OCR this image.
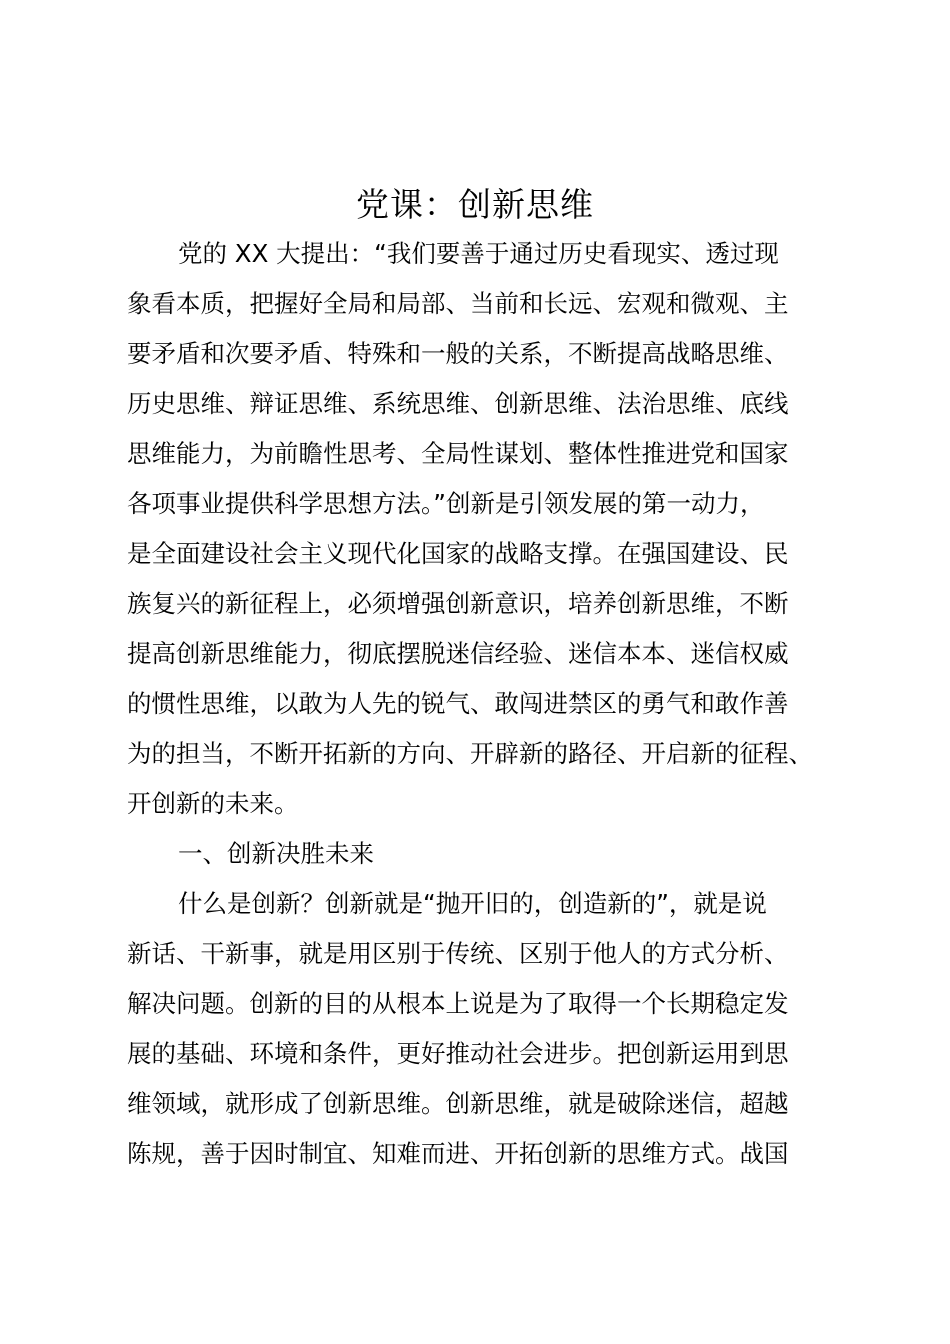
党课：创新思维
党的 XX 大提出：“我们要善于通过历史看现实、透过现
象看本质，把握好全局和局部、当前和长远、宏观和微观、主
要矛盾和次要矛盾、特殊和一般的关系，不断提高战略思维、
历史思维、辩证思维、系统思维、创新思维、法治思维、底线
思维能力，为前瞻性思考、全局性谋划、整体性推进党和国家
各项事业提供科学思想方法。”创新是引领发展的第一动力，
是全面建设社会主义现代化国家的战略支撑。在强国建设、民
族复兴的新征程上，必须增强创新意识，培养创新思维，不断
提高创新思维能力，彻底摆脱迷信经验、迷信本本、迷信权威
的惯性思维，以敢为人先的锐气、敢闯进禁区的勇气和敢作善
为的担当，不断开拓新的方向、开辟新的路径、开启新的征程、
开创新的未来。
一、创新决胜未来
什么是创新？创新就是“抛开旧的，创造新的”，就是说
新话、干新事，就是用区别于传统、区别于他人的方式分析、
解决问题。创新的目的从根本上说是为了取得一个长期稳定发
展的基础、环境和条件，更好推动社会进步。把创新运用到思
维领域，就形成了创新思维。创新思维，就是破除迷信，超越
陈规，善于因时制宜、知难而进、开拓创新的思维方式。战国
